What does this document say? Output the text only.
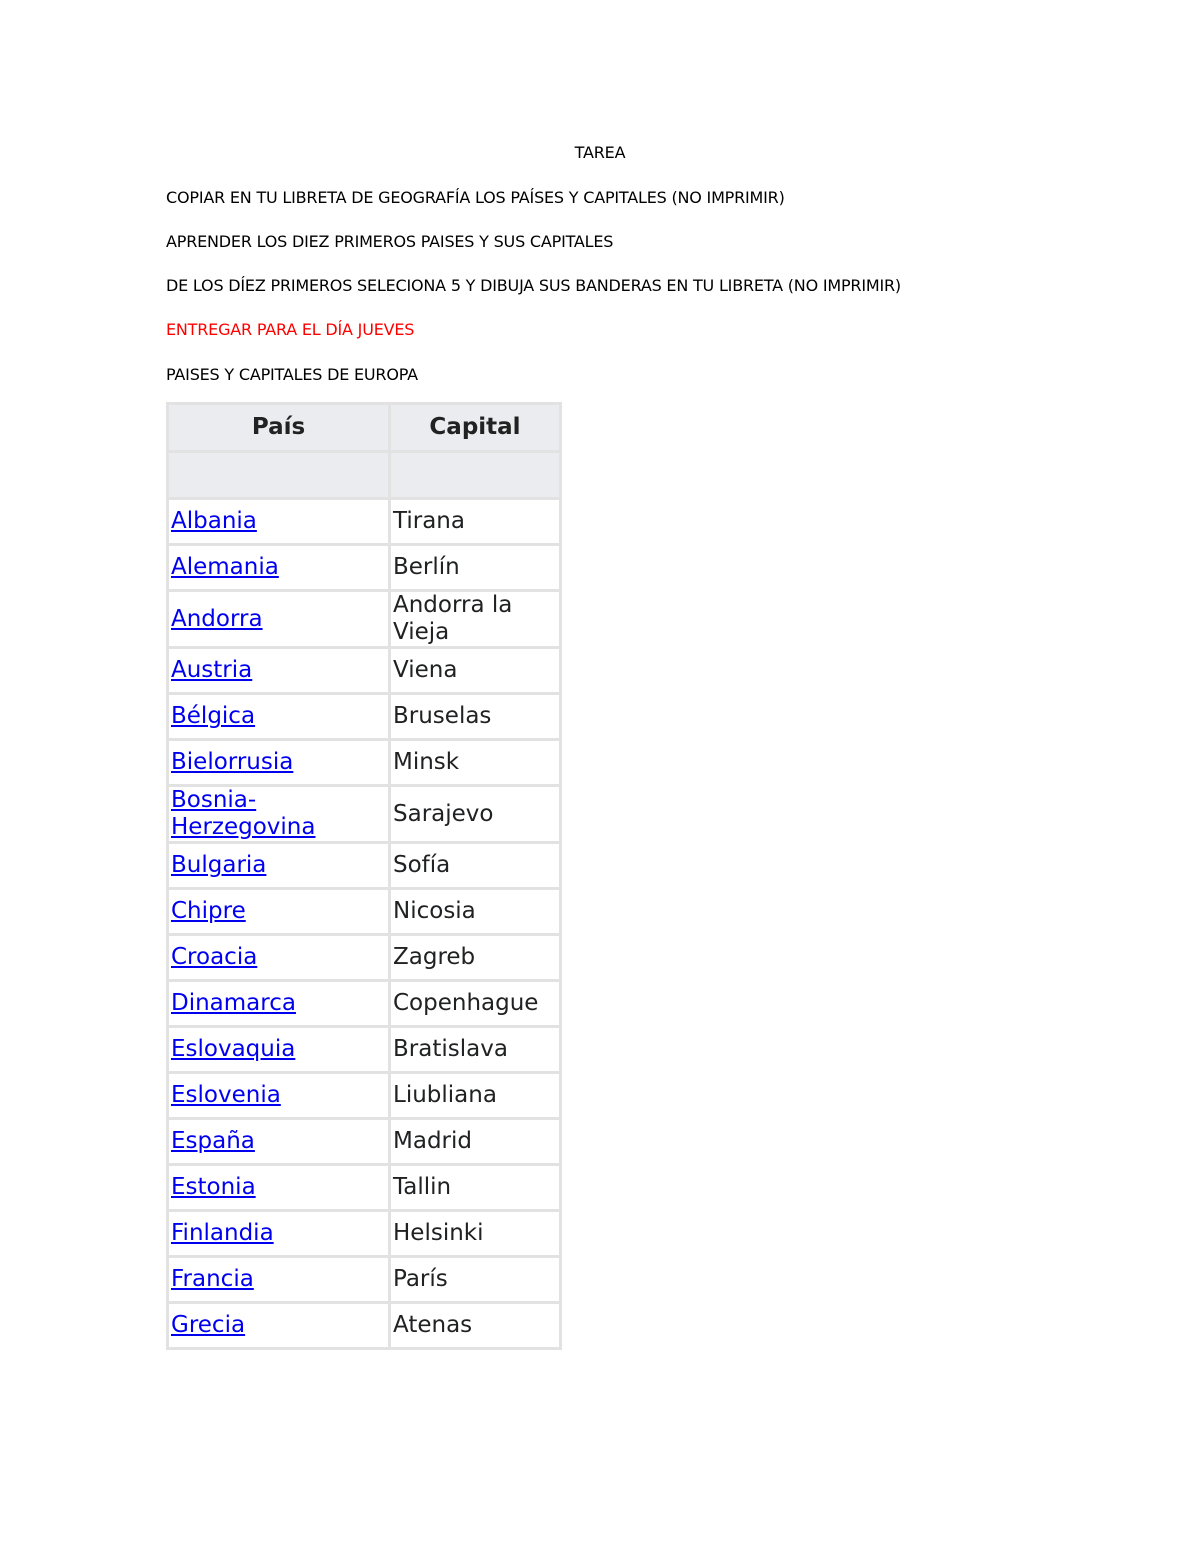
TAREA
COPIAR EN TU LIBRETA DE GEOGRAFÍA LOS PAÍSES Y CAPITALES (NO IMPRIMIR)
APRENDER LOS DIEZ PRIMEROS PAISES Y SUS CAPITALES
DE LOS DÍEZ PRIMEROS SELECIONA 5 Y DIBUJA SUS BANDERAS EN TU LIBRETA (NO IMPRIMIR)
ENTREGAR PARA EL DÍA JUEVES
PAISES Y CAPITALES DE EUROPA
País	Capital

Albania	Tirana
Alemania	Berlín
Andorra	Andorra la Vieja
Austria	Viena
Bélgica	Bruselas
Bielorrusia	Minsk
Bosnia-Herzegovina	Sarajevo
Bulgaria	Sofía
Chipre	Nicosia
Croacia	Zagreb
Dinamarca	Copenhague
Eslovaquia	Bratislava
Eslovenia	Liubliana
España	Madrid
Estonia	Tallin
Finlandia	Helsinki
Francia	París
Grecia	Atenas
